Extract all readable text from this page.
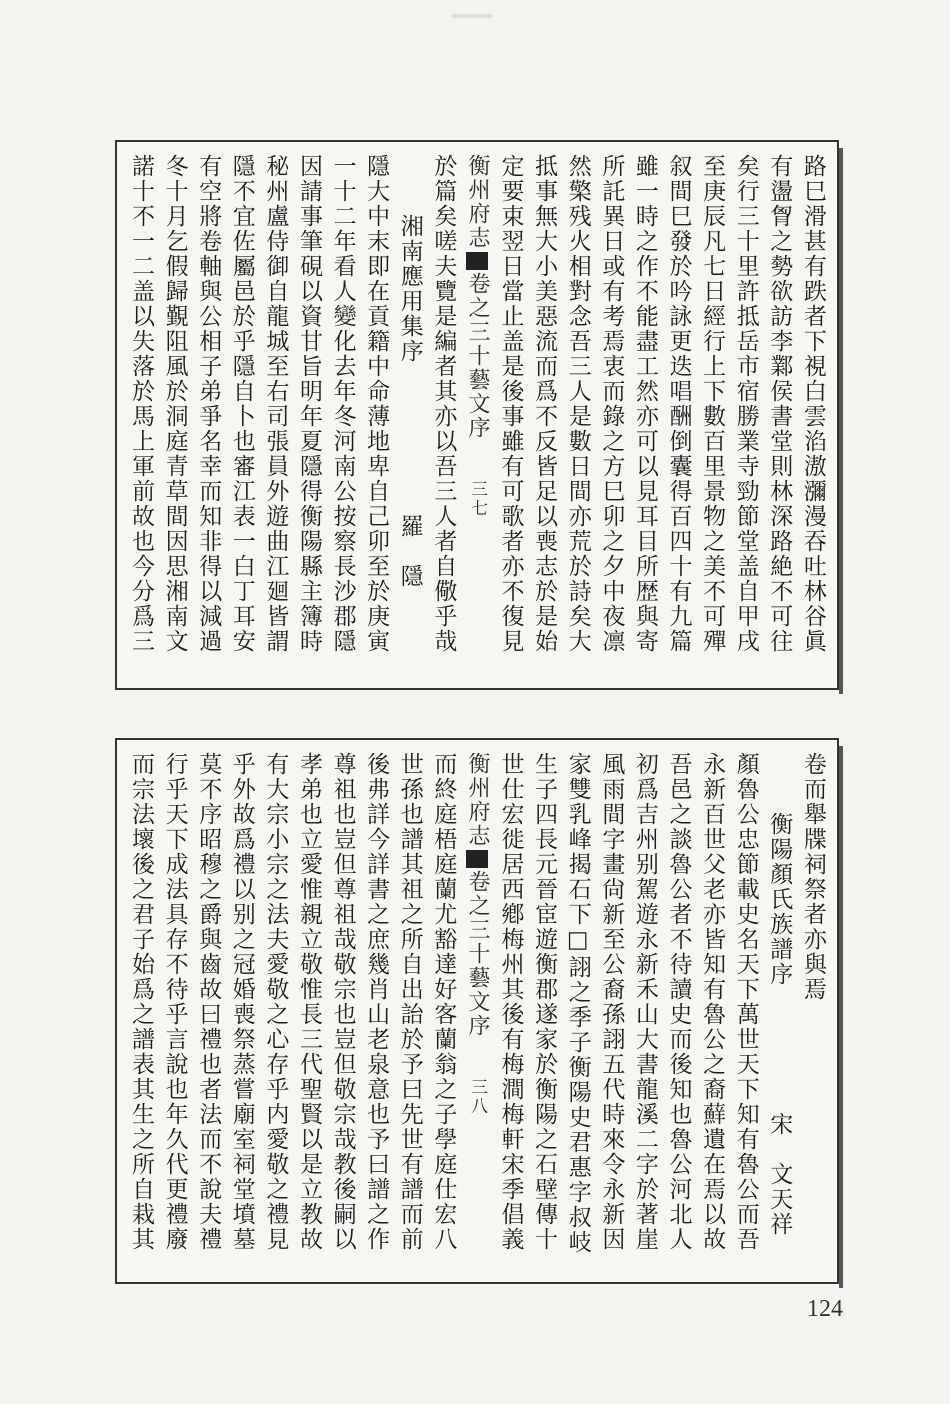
路巳滑甚有跌者下視白雲淊滶瀰漫吞吐林谷眞
有盪胷之勢欲訪李鄴侯書堂則林深路絶不可往
矣行三十里許抵岳市宿勝業寺勁節堂盖自甲戌
至庚辰凡七日經行上下數百里景物之美不可殫
叙間巳發於吟詠更迭唱酬倒囊得百四十有九篇
雖一時之作不能盡工然亦可以見耳目所歴與寄
所託異日或有考焉衷而錄之方巳卯之夕中夜凛
然檠残火相對念吾三人是數日間亦荒於詩矣大
抵事無大小美惡流而爲不反皆足以喪志於是始
定要束翌日當止盖是後事雖有可歌者亦不復見
衡州府志卷之三十藝文序三七
於篇矣嗟夫覽是編者其亦以吾三人者自儆乎哉
湘南應用集序　　　　　　羅　隱
隱大中末即在貢籍中命薄地卑自己卯至於庚寅
一十二年看人變化去年冬河南公按察長沙郡隱
因請事筆硯以資甘旨明年夏隱得衡陽縣主簿時
秘州盧侍御自龍城至右司張員外遊曲江廻皆謂
隱不宜佐屬邑於乎隱自卜也審江表一白丁耳安
有空將卷軸與公相子弟爭名幸而知非得以減過
冬十月乞假歸覲阻風於洞庭青草間因思湘南文
諾十不一二盖以失落於馬上軍前故也今分爲三
卷而舉牒祠祭者亦與焉
衡陽顏氏族譜序　　　　　宋　文天祥
顏魯公忠節載史名天下萬世天下知有魯公而吾
永新百世父老亦皆知有魯公之裔蘚遺在焉以故
吾邑之談魯公者不待讀史而後知也魯公河北人
初爲吉州别駕遊永新禾山大書龍溪二字於著崖
風雨間字畫尙新至公裔孫詡五代時來令永新因
家雙乳峰揭石下□詡之季子衡陽史君惠字叔岐
生子四長元晉宦遊衡郡遂家於衡陽之石壁傳十
世仕宏徙居西鄕梅州其後有梅澗梅軒宋季倡義
衡州府志卷之三十藝文序三八
而終庭梧庭蘭尤豁達好客蘭翁之子學庭仕宏八
世孫也譜其祖之所自出詒於予曰先世有譜而前
後弗詳今詳書之庶幾肖山老泉意也予曰譜之作
尊祖也豈但尊祖哉敬宗也豈但敬宗哉教後嗣以
孝弟也立愛惟親立敬惟長三代聖賢以是立教故
有大宗小宗之法夫愛敬之心存乎内愛敬之禮見
乎外故爲禮以别之冠婚喪祭蒸嘗廟室祠堂墳墓
莫不序昭穆之爵與齒故曰禮也者法而不說夫禮
行乎天下成法具存不待乎言說也年久代更禮廢
而宗法壞後之君子始爲之譜表其生之所自栽其
124
